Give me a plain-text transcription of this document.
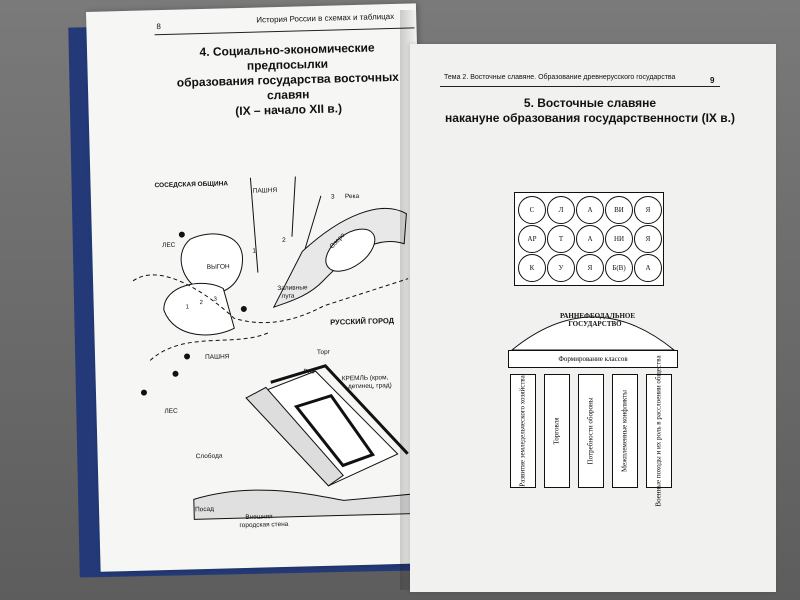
8
История России в схемах и таблицах
4. Социально-экономические предпосылки
образования государства восточных славян
(IX – начало XII в.)
1
2
3
СОСЕДСКАЯ ОБЩИНА
ПАШНЯ
Река
Озеро
ЛЕС
ВЫГОН
1
2
3
Заливные
луга
РУССКИЙ ГОРОД
ПАШНЯ
Торг
Ров
КРЕМЛЬ (кром,
детинец, град)
ЛЕС
Слобода
Посад
Внешняя
городская стена
Тема 2. Восточные славяне. Образование древнерусского государства	9
5. Восточные славяне
накануне образования государственности (IX в.)
С	Л	А	ВИ	Я
АР	Т	А	НИ	Я
К	У	Я	Б(В)	А
РАННЕФЕОДАЛЬНОЕ ГОСУДАРСТВО
Формирование классов
Развитие земледельческого хозяйства	Торговля	Потребности обороны	Межплеменные конфликты	Военные походы и их роль в расслоении общества
